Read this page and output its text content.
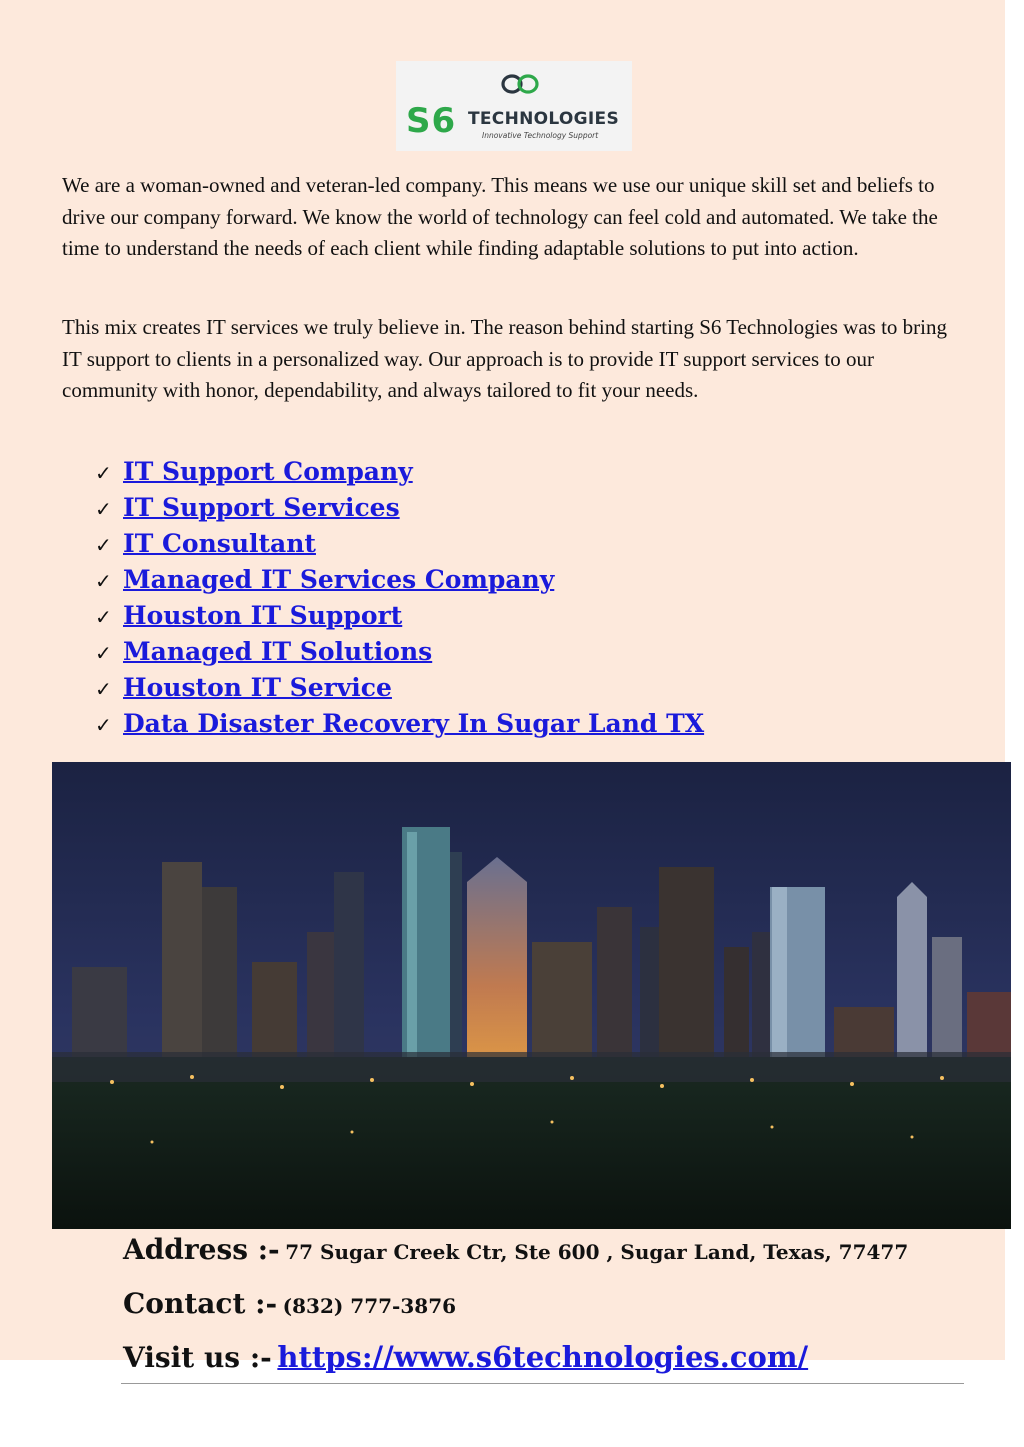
S6 TECHNOLOGIES
Innovative Technology Support

We are a woman-owned and veteran-led company. This means we use our unique skill set and beliefs to drive our company forward. We know the world of technology can feel cold and automated. We take the time to understand the needs of each client while finding adaptable solutions to put into action.

This mix creates IT services we truly believe in. The reason behind starting S6 Technologies was to bring IT support to clients in a personalized way. Our approach is to provide IT support services to our community with honor, dependability, and always tailored to fit your needs.

✓ IT Support Company
✓ IT Support Services
✓ IT Consultant
✓ Managed IT Services Company
✓ Houston IT Support
✓ Managed IT Solutions
✓ Houston IT Service
✓ Data Disaster Recovery In Sugar Land TX
Address :- 77 Sugar Creek Ctr, Ste 600 , Sugar Land, Texas, 77477
Contact :- (832) 777-3876
Visit us :- https://www.s6technologies.com/
